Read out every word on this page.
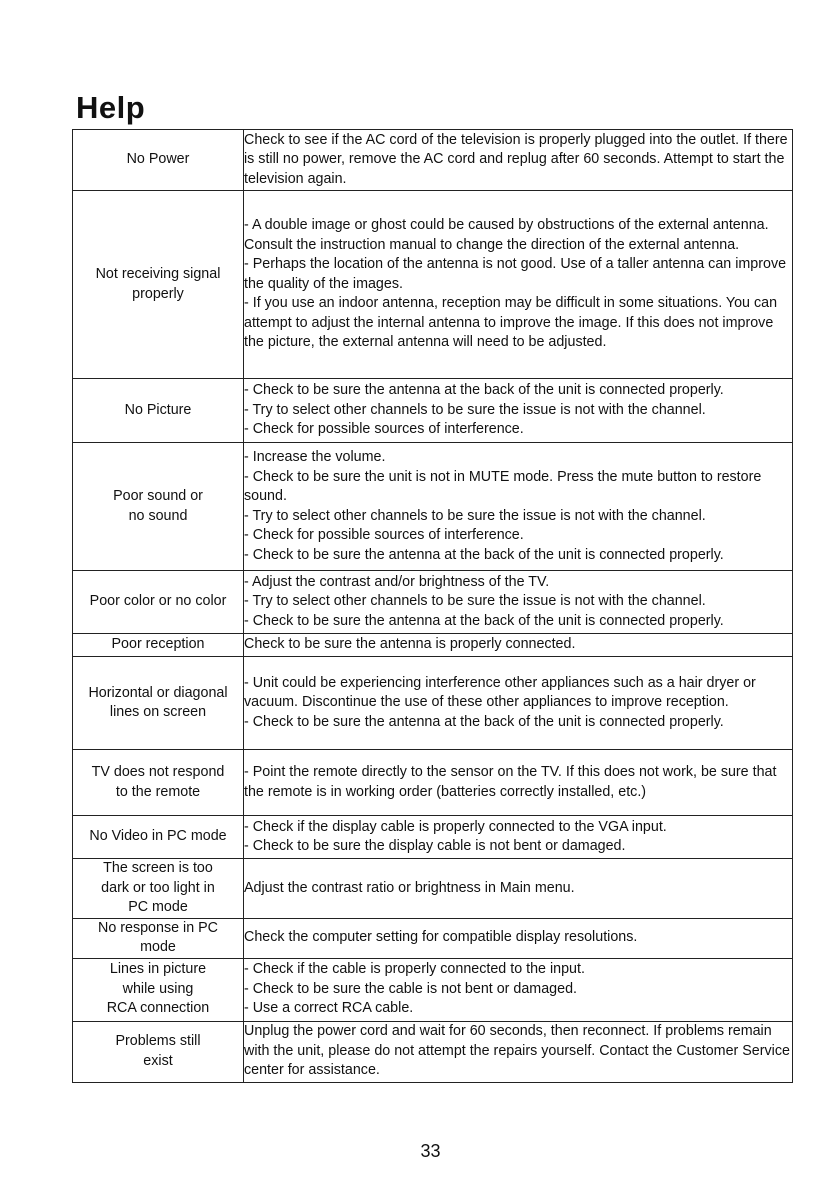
Help
No Power	Check to see if the AC cord of the television is properly plugged into the outlet. If there is still no power, remove the AC cord and replug after 60 seconds. Attempt to start the television again.

Not receiving signal
properly	- A double image or ghost could be caused by obstructions of the external antenna. Consult the instruction manual to change the direction of the external antenna.
- Perhaps the location of the antenna is not good. Use of a taller antenna can improve the quality of the images.
- If you use an indoor antenna, reception may be difficult in some situations. You can attempt to adjust the internal antenna to improve the image. If this does not improve the picture, the external antenna will need to be adjusted.

No Picture	- Check to be sure the antenna at the back of the unit is connected properly.
- Try to select other channels to be sure the issue is not with the channel.
- Check for possible sources of interference.

Poor sound or
no sound	- Increase the volume.
- Check to be sure the unit is not in MUTE mode. Press the mute button to restore sound.
- Try to select other channels to be sure the issue is not with the channel.
- Check for possible sources of interference.
- Check to be sure the antenna at the back of the unit is connected properly.

Poor color or no color	- Adjust the contrast and/or brightness of the TV.
- Try to select other channels to be sure the issue is not with the channel.
- Check to be sure the antenna at the back of the unit is connected properly.

Poor reception	Check to be sure the antenna is properly connected.

Horizontal or diagonal
lines on screen	- Unit could be experiencing interference other appliances such as a hair dryer or vacuum. Discontinue the use of these other appliances to improve reception.
- Check to be sure the antenna at the back of the unit is connected properly.

TV does not respond
to the remote	- Point the remote directly to the sensor on the TV. If this does not work, be sure that the remote is in working order (batteries correctly installed, etc.)

No Video in PC mode	- Check if the display cable is properly connected to the VGA input.
- Check to be sure the display cable is not bent or damaged.

The screen is too
dark or too light in
PC mode	Adjust the contrast ratio or brightness in Main menu.

No response in PC
mode	Check the computer setting for compatible display resolutions.

Lines in picture
while using
RCA connection	- Check if the cable is properly connected to the input.
- Check to be sure the cable is not bent or damaged.
- Use a correct RCA cable.

Problems still
exist	Unplug the power cord and wait for 60 seconds, then reconnect. If problems remain with the unit, please do not attempt the repairs yourself. Contact the Customer Service center for assistance.
33
